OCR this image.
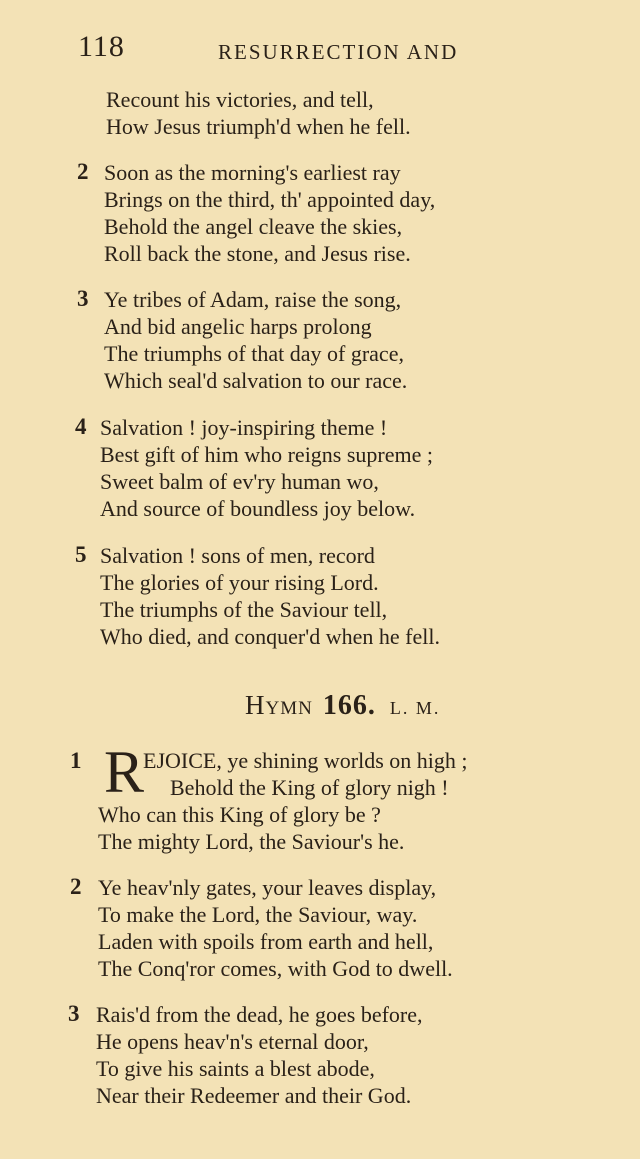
118	RESURRECTION AND
Recount his victories, and tell,
How Jesus triumph'd when he fell.
2 Soon as the morning's earliest ray
Brings on the third, th' appointed day,
Behold the angel cleave the skies,
Roll back the stone, and Jesus rise.
3 Ye tribes of Adam, raise the song,
And bid angelic harps prolong
The triumphs of that day of grace,
Which seal'd salvation to our race.
4 Salvation ! joy-inspiring theme !
Best gift of him who reigns supreme ;
Sweet balm of ev'ry human wo,
And source of boundless joy below.
5 Salvation ! sons of men, record
The glories of your rising Lord.
The triumphs of the Saviour tell,
Who died, and conquer'd when he fell.
Hymn 166. L. M.
1 R
EJOICE, ye shining worlds on high ;
Behold the King of glory nigh !
Who can this King of glory be ?
The mighty Lord, the Saviour's he.
2 Ye heav'nly gates, your leaves display,
To make the Lord, the Saviour, way.
Laden with spoils from earth and hell,
The Conq'ror comes, with God to dwell.
3 Rais'd from the dead, he goes before,
He opens heav'n's eternal door,
To give his saints a blest abode,
Near their Redeemer and their God.
